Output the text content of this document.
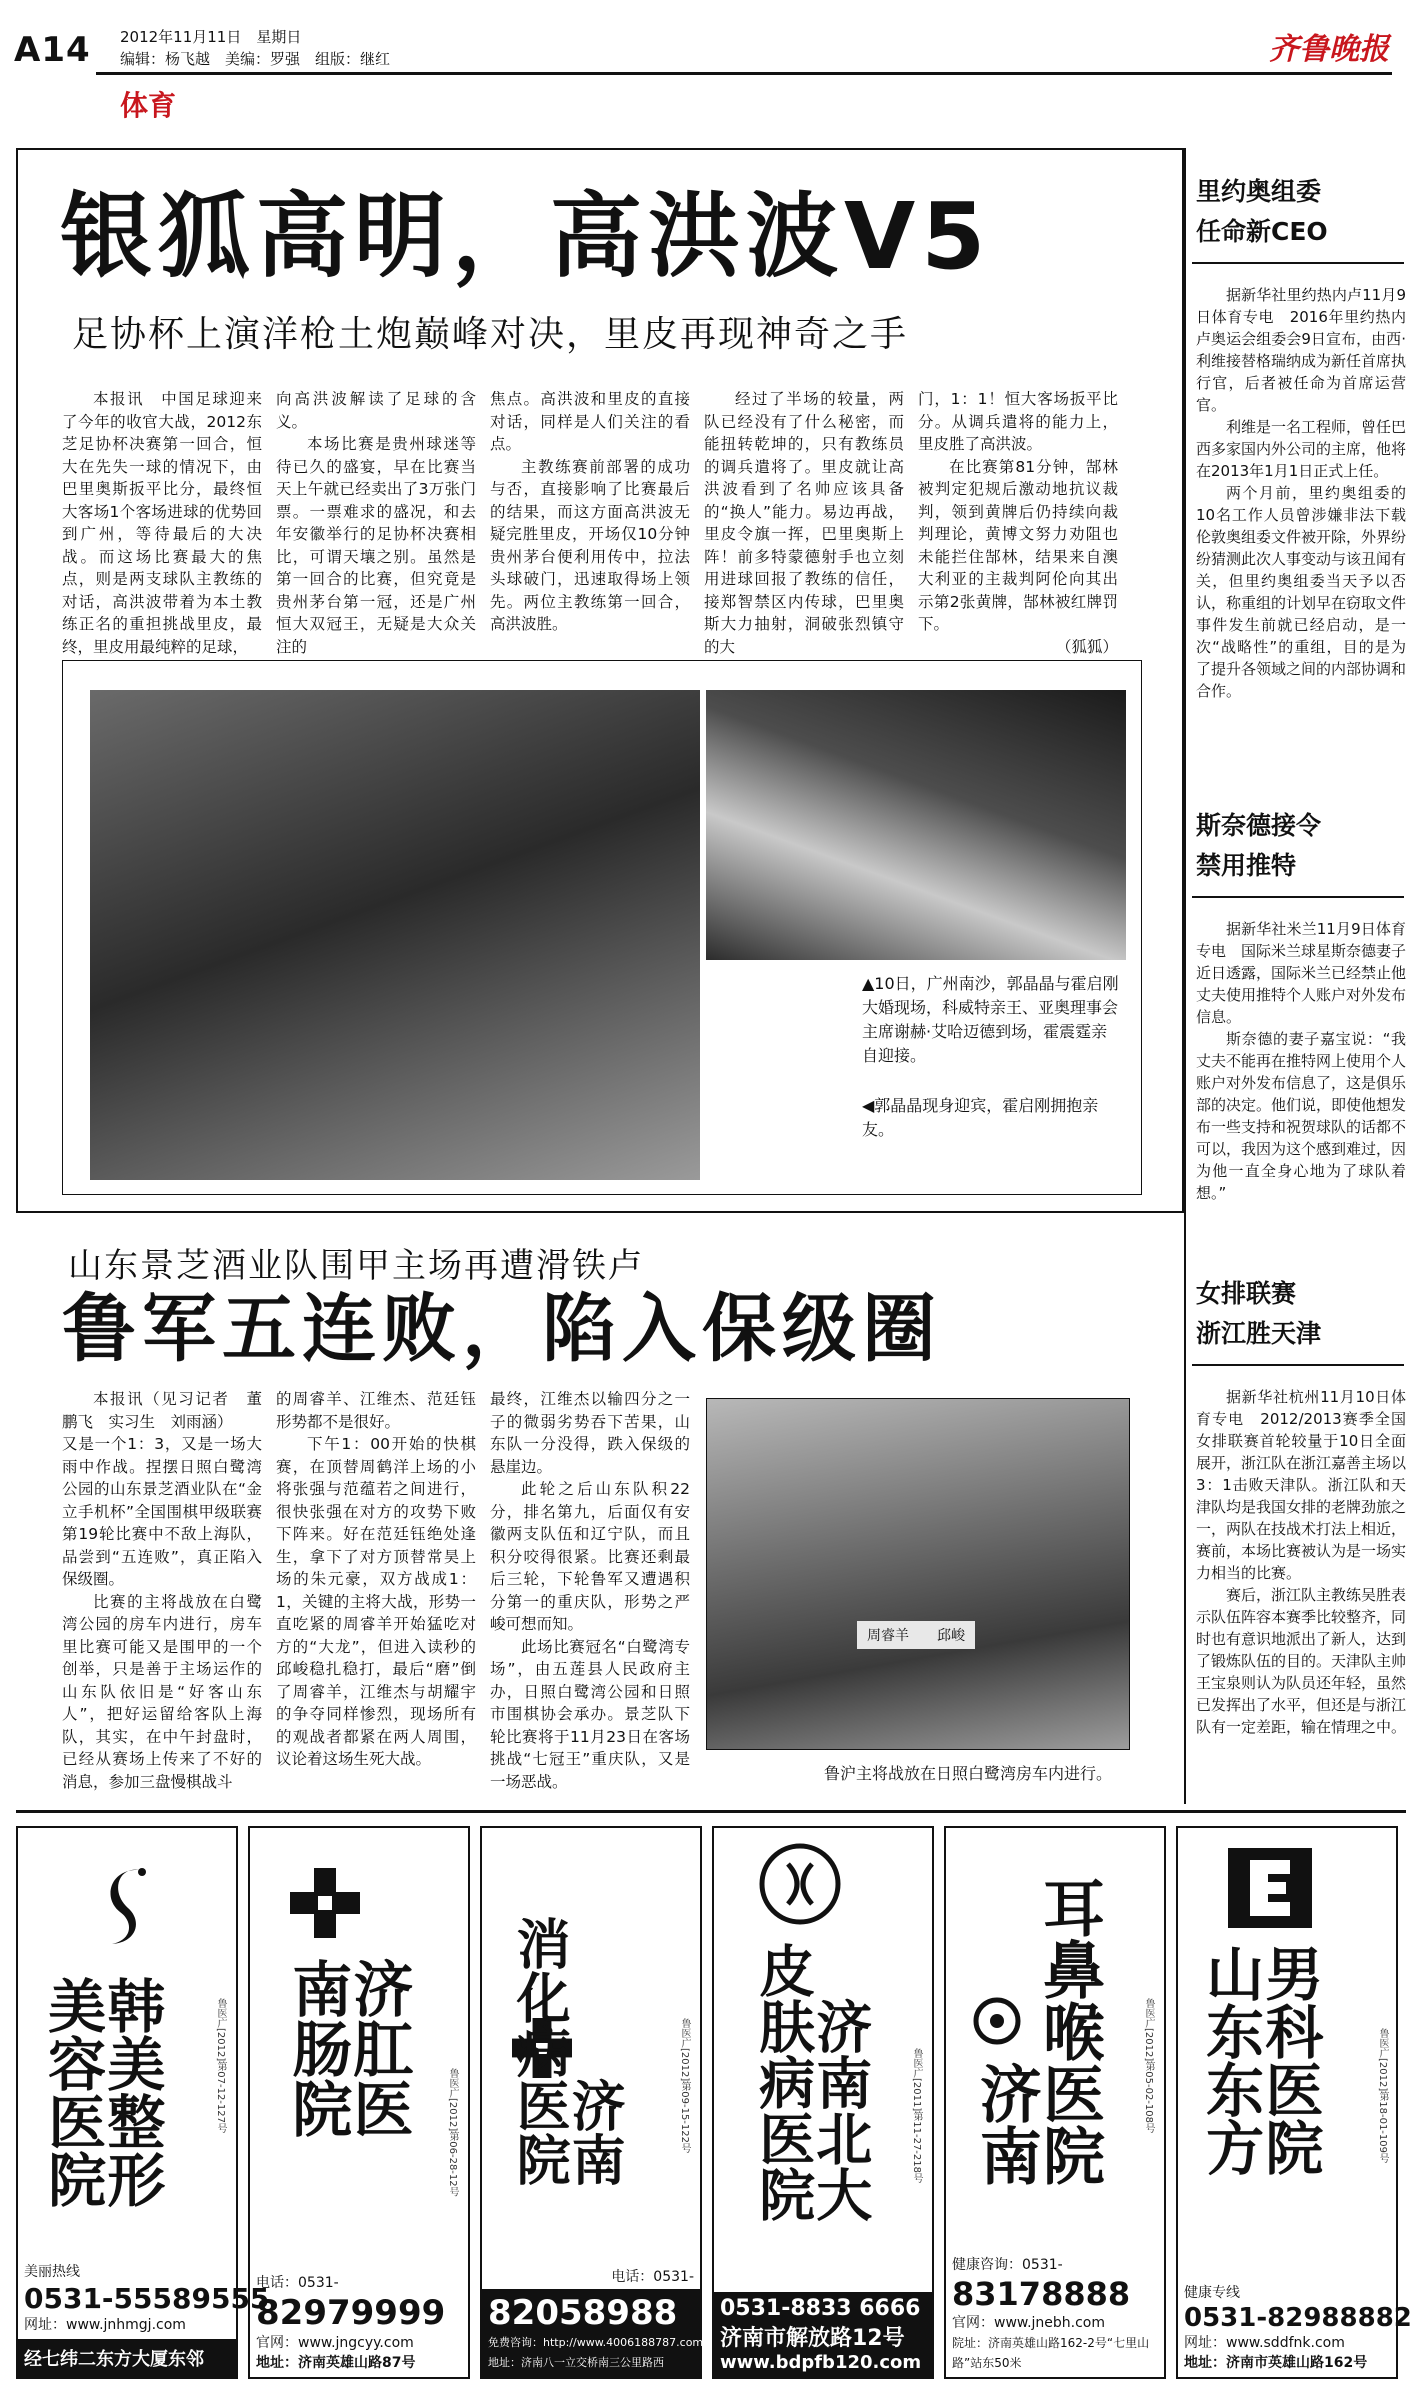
A14 2012年11月11日　星期日
编辑：杨飞越　美编：罗强　组版：继红
体育
齐鲁晚报
银狐高明，高洪波V5
足协杯上演洋枪土炮巅峰对决，里皮再现神奇之手

本报讯　中国足球迎来了今年的收官大战，2012东芝足协杯决赛第一回合，恒大在先失一球的情况下，由巴里奥斯扳平比分，最终恒大客场1个客场进球的优势回到广州，等待最后的大决战。而这场比赛最大的焦点，则是两支球队主教练的对话，高洪波带着为本土教练正名的重担挑战里皮，最终，里皮用最纯粹的足球，

向高洪波解读了足球的含义。

本场比赛是贵州球迷等待已久的盛宴，早在比赛当天上午就已经卖出了3万张门票。一票难求的盛况，和去年安徽举行的足协杯决赛相比，可谓天壤之别。虽然是第一回合的比赛，但究竟是贵州茅台第一冠，还是广州恒大双冠王，无疑是大众关注的

焦点。高洪波和里皮的直接对话，同样是人们关注的看点。

主教练赛前部署的成功与否，直接影响了比赛最后的结果，而这方面高洪波无疑完胜里皮，开场仅10分钟贵州茅台便利用传中，拉法头球破门，迅速取得场上领先。两位主教练第一回合，高洪波胜。

经过了半场的较量，两队已经没有了什么秘密，而能扭转乾坤的，只有教练员的调兵遣将了。里皮就让高洪波看到了名帅应该具备的“换人”能力。易边再战，里皮令旗一挥，巴里奥斯上阵！前多特蒙德射手也立刻用进球回报了教练的信任，接郑智禁区内传球，巴里奥斯大力抽射，洞破张烈镇守的大

门，1：1！恒大客场扳平比分。从调兵遣将的能力上，里皮胜了高洪波。

在比赛第81分钟，郜林被判定犯规后激动地抗议裁判，领到黄牌后仍持续向裁判理论，黄博文努力劝阻也未能拦住郜林，结果来自澳大利亚的主裁判阿伦向其出示第2张黄牌，郜林被红牌罚下。

（狐狐）
▲10日，广州南沙，郭晶晶与霍启刚大婚现场，科威特亲王、亚奥理事会主席谢赫·艾哈迈德到场，霍震霆亲自迎接。
◀郭晶晶现身迎宾，霍启刚拥抱亲友。
山东景芝酒业队围甲主场再遭滑铁卢
鲁军五连败，陷入保级圈

本报讯（见习记者　董鹏飞　实习生　刘雨涵）

又是一个1：3，又是一场大雨中作战。捏摆日照白鹭湾公园的山东景芝酒业队在“金立手机杯”全国围棋甲级联赛第19轮比赛中不敌上海队，品尝到“五连败”，真正陷入保级圈。

比赛的主将战放在白鹭湾公园的房车内进行，房车里比赛可能又是围甲的一个创举，只是善于主场运作的山东队依旧是“好客山东人”，把好运留给客队上海队，其实，在中午封盘时，已经从赛场上传来了不好的消息，参加三盘慢棋战斗

的周睿羊、江维杰、范廷钰形势都不是很好。

下午1：00开始的快棋赛，在顶替周鹤洋上场的小将张强与范蕴若之间进行，很快张强在对方的攻势下败下阵来。好在范廷钰绝处逢生，拿下了对方顶替常昊上场的朱元豪，双方战成1：1，关键的主将大战，形势一直吃紧的周睿羊开始猛吃对方的“大龙”，但进入读秒的邱峻稳扎稳打，最后“磨”倒了周睿羊，江维杰与胡耀宇的争夺同样惨烈，现场所有的观战者都紧在两人周围，议论着这场生死大战。

最终，江维杰以输四分之一子的微弱劣势吞下苦果，山东队一分没得，跌入保级的悬崖边。

此轮之后山东队积22分，排名第九，后面仅有安徽两支队伍和辽宁队，而且积分咬得很紧。比赛还剩最后三轮，下轮鲁军又遭遇积分第一的重庆队，形势之严峻可想而知。

此场比赛冠名“白鹭湾专场”，由五莲县人民政府主办，日照白鹭湾公园和日照市围棋协会承办。景芝队下轮比赛将于11月23日在客场挑战“七冠王”重庆队，又是一场恶战。

周睿羊　　邱峻
鲁沪主将战放在日照白鹭湾房车内进行。
里约奥组委
任命新CEO

据新华社里约热内卢11月9日体育专电　2016年里约热内卢奥运会组委会9日宣布，由西·利维接替格瑞纳成为新任首席执行官，后者被任命为首席运营官。

利维是一名工程师，曾任巴西多家国内外公司的主席，他将在2013年1月1日正式上任。

两个月前，里约奥组委的10名工作人员曾涉嫌非法下载伦敦奥组委文件被开除，外界纷纷猜测此次人事变动与该丑闻有关，但里约奥组委当天予以否认，称重组的计划早在窃取文件事件发生前就已经启动，是一次“战略性”的重组，目的是为了提升各领域之间的内部协调和合作。

斯奈德接令
禁用推特

据新华社米兰11月9日体育专电　国际米兰球星斯奈德妻子近日透露，国际米兰已经禁止他丈夫使用推特个人账户对外发布信息。

斯奈德的妻子嘉宝说：“我丈夫不能再在推特网上使用个人账户对外发布信息了，这是俱乐部的决定。他们说，即使他想发布一些支持和祝贺球队的话都不可以，我因为这个感到难过，因为他一直全身心地为了球队着想。”

女排联赛
浙江胜天津

据新华社杭州11月10日体育专电　2012/2013赛季全国女排联赛首轮较量于10日全面展开，浙江队在浙江嘉善主场以3：1击败天津队。浙江队和天津队均是我国女排的老牌劲旅之一，两队在技战术打法上相近，赛前，本场比赛被认为是一场实力相当的比赛。

赛后，浙江队主教练吴胜表示队伍阵容本赛季比较整齐，同时也有意识地派出了新人，达到了锻炼队伍的目的。天津队主帅王宝泉则认为队员还年轻，虽然已发挥出了水平，但还是与浙江队有一定差距，输在情理之中。

美容医院韩美整形	鲁医广[2012]第07-12-127号
美丽热线
0531-55589555
网址：www.jnhmgj.com
经七纬二东方大厦东邻
南肠院济肛医	鲁医广[2012]第06-28-12号
电话：0531-
82979999
官网：www.jngcyy.com
地址：济南英雄山路87号
消化病医院济南	鲁医广[2012]第09-15-122号
电话：0531-
82058988
免费咨询：http://www.4006188787.com
地址：济南八一立交桥南三公里路西
皮肤病医院济南北大	鲁医广[2011]第11-27-218号
0531-8833 6666
济南市解放路12号
www.bdpfb120.com
济南耳鼻喉医院	鲁医广[2012]第05-02-108号
健康咨询：0531-
83178888
官网：www.jnebh.com
院址：济南英雄山路162-2号“七里山路”站东50米
山东东方男科医院	鲁医广[2012]第18-01-109号
健康专线
0531-82988882
网址：www.sddfnk.com
地址：济南市英雄山路162号
